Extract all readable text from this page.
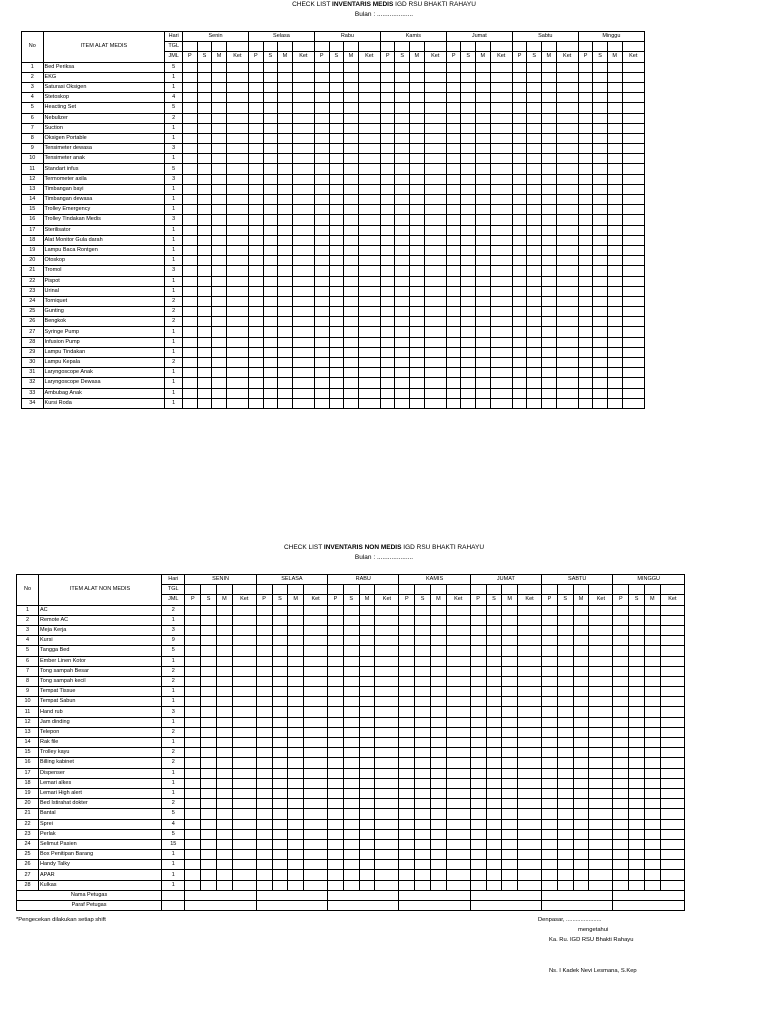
CHECK LIST INVENTARIS MEDIS IGD RSU BHAKTI RAHAYU
Bulan : ....................
No	ITEM ALAT MEDIS	Hari	Senin				Selasa				Rabu				Kamis				Jumat				Sabtu				Minggu			
		TGL																												
		JML	P	S	M	Ket	P	S	M	Ket	P	S	M	Ket	P	S	M	Ket	P	S	M	Ket	P	S	M	Ket	P	S	M	Ket
1	Bed Periksa	5																												
2	EKG	1																												
3	Saturasi Oksigen	1																												
4	Stetoskop	4																												
5	Heacting Set	5																												
6	Nebulizer	2																												
7	Suction	1																												
8	Oksigen Portable	1																												
9	Tensimeter dewasa	3																												
10	Tensimeter anak	1																												
11	Standart infus	5																												
12	Termometer axila	3																												
13	Timbangan bayi	1																												
14	Timbangan dewasa	1																												
15	Trolley Emergency	1																												
16	Trolley Tindakan Medis	3																												
17	Sterilisator	1																												
18	Alat Monitor Gula darah	1																												
19	Lampu Baca Rontgen	1																												
20	Otoskop	1																												
21	Tromol	3																												
22	Pispot	1																												
23	Urinal	1																												
24	Torniquet	2																												
25	Gunting	2																												
26	Bengkok	2																												
27	Syringe Pump	1																												
28	Infusion Pump	1																												
29	Lampu Tindakan	1																												
30	Lampu Kepala	2																												
31	Laryngoscope Anak	1																												
32	Laryngoscope Dewasa	1																												
33	Ambubag Anak	1																												
34	Kursi Roda	1																												
CHECK LIST INVENTARIS NON MEDIS IGD RSU BHAKTI RAHAYU
Bulan : ....................
No	ITEM ALAT NON MEDIS	Hari	SENIN				SELASA				RABU				KAMIS				JUMAT				SABTU				MINGGU			
		TGL																												
		JML	P	S	M	Ket	P	S	M	Ket	P	S	M	Ket	P	S	M	Ket	P	S	M	Ket	P	S	M	Ket	P	S	M	Ket
1	AC	2																												
2	Remote AC	1																												
3	Meja Kerja	3																												
4	Kursi	9																												
5	Tangga Bed	5																												
6	Ember Linen Kotor	1																												
7	Tong sampah Besar	2																												
8	Tong sampah kecil	2																												
9	Tempat Tissue	1																												
10	Tempat Sabun	1																												
11	Hand rub	3																												
12	Jam dinding	1																												
13	Telepon	2																												
14	Rak file	1																												
15	Trolley kayu	2																												
16	Billing kabinet	2																												
17	Dispenser	1																												
18	Lemari alkes	1																												
19	Lemari High alert	1																												
20	Bed Istirahat dokter	2																												
21	Bantal	5																												
22	Sprei	4																												
23	Perlak	5																												
24	Selimut Pasien	15																												
25	Box Penitipan Barang	1																												
26	Handy Talky	1																												
27	APAR	1																												
28	Kulkas	1																												
Nama Petugas																														
Paraf Petugas																														
*Pengecekan dilakukan setiap shift	Denpasar, ......................
mengetahui
Ka. Ru. IGD RSU Bhakti Rahayu
Ns. I Kadek Nevi Lesmana, S.Kep
